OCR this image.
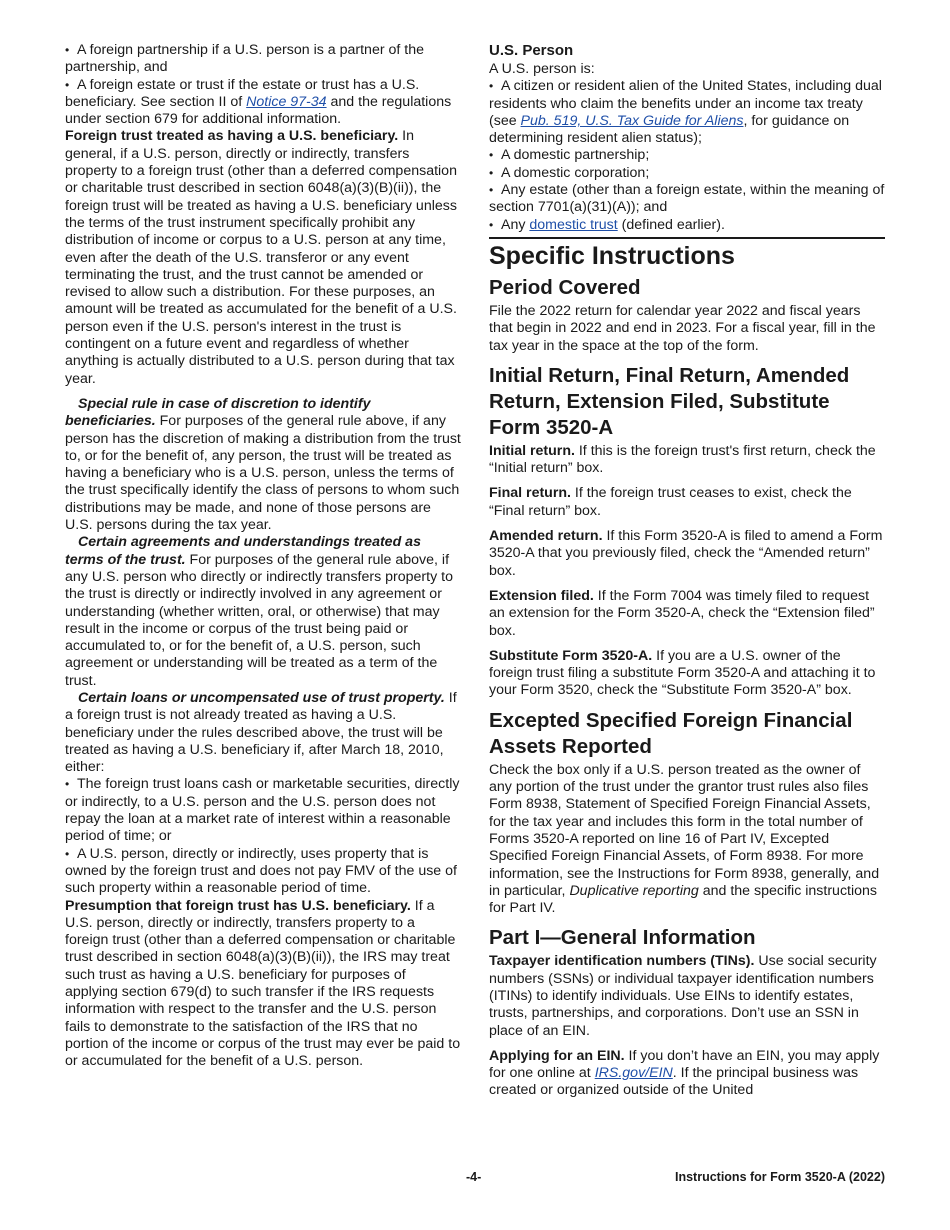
• A foreign partnership if a U.S. person is a partner of the partnership, and

• A foreign estate or trust if the estate or trust has a U.S. beneficiary. See section II of Notice 97-34 and the regulations under section 679 for additional information.

Foreign trust treated as having a U.S. beneficiary. In general, if a U.S. person, directly or indirectly, transfers property to a foreign trust (other than a deferred compensation or charitable trust described in section 6048(a)(3)(B)(ii)), the foreign trust will be treated as having a U.S. beneficiary unless the terms of the trust instrument specifically prohibit any distribution of income or corpus to a U.S. person at any time, even after the death of the U.S. transferor or any event terminating the trust, and the trust cannot be amended or revised to allow such a distribution. For these purposes, an amount will be treated as accumulated for the benefit of a U.S. person even if the U.S. person's interest in the trust is contingent on a future event and regardless of whether anything is actually distributed to a U.S. person during that tax year.

Special rule in case of discretion to identify beneficiaries. For purposes of the general rule above, if any person has the discretion of making a distribution from the trust to, or for the benefit of, any person, the trust will be treated as having a beneficiary who is a U.S. person, unless the terms of the trust specifically identify the class of persons to whom such distributions may be made, and none of those persons are U.S. persons during the tax year.

Certain agreements and understandings treated as terms of the trust. For purposes of the general rule above, if any U.S. person who directly or indirectly transfers property to the trust is directly or indirectly involved in any agreement or understanding (whether written, oral, or otherwise) that may result in the income or corpus of the trust being paid or accumulated to, or for the benefit of, a U.S. person, such agreement or understanding will be treated as a term of the trust.

Certain loans or uncompensated use of trust property. If a foreign trust is not already treated as having a U.S. beneficiary under the rules described above, the trust will be treated as having a U.S. beneficiary if, after March 18, 2010, either:

• The foreign trust loans cash or marketable securities, directly or indirectly, to a U.S. person and the U.S. person does not repay the loan at a market rate of interest within a reasonable period of time; or

• A U.S. person, directly or indirectly, uses property that is owned by the foreign trust and does not pay FMV of the use of such property within a reasonable period of time.

Presumption that foreign trust has U.S. beneficiary. If a U.S. person, directly or indirectly, transfers property to a foreign trust (other than a deferred compensation or charitable trust described in section 6048(a)(3)(B)(ii)), the IRS may treat such trust as having a U.S. beneficiary for purposes of applying section 679(d) to such transfer if the IRS requests information with respect to the transfer and the U.S. person fails to demonstrate to the satisfaction of the IRS that no portion of the income or corpus of the trust may ever be paid to or accumulated for the benefit of a U.S. person.

U.S. Person

A U.S. person is:

• A citizen or resident alien of the United States, including dual residents who claim the benefits under an income tax treaty (see Pub. 519, U.S. Tax Guide for Aliens, for guidance on determining resident alien status);

• A domestic partnership;

• A domestic corporation;

• Any estate (other than a foreign estate, within the meaning of section 7701(a)(31)(A)); and

• Any domestic trust (defined earlier).

Specific Instructions
Period Covered

File the 2022 return for calendar year 2022 and fiscal years that begin in 2022 and end in 2023. For a fiscal year, fill in the tax year in the space at the top of the form.

Initial Return, Final Return, Amended Return, Extension Filed, Substitute Form 3520-A

Initial return. If this is the foreign trust's first return, check the “Initial return” box.

Final return. If the foreign trust ceases to exist, check the “Final return” box.

Amended return. If this Form 3520-A is filed to amend a Form 3520-A that you previously filed, check the “Amended return” box.

Extension filed. If the Form 7004 was timely filed to request an extension for the Form 3520-A, check the “Extension filed” box.

Substitute Form 3520-A. If you are a U.S. owner of the foreign trust filing a substitute Form 3520-A and attaching it to your Form 3520, check the “Substitute Form 3520-A” box.

Excepted Specified Foreign Financial Assets Reported

Check the box only if a U.S. person treated as the owner of any portion of the trust under the grantor trust rules also files Form 8938, Statement of Specified Foreign Financial Assets, for the tax year and includes this form in the total number of Forms 3520-A reported on line 16 of Part IV, Excepted Specified Foreign Financial Assets, of Form 8938. For more information, see the Instructions for Form 8938, generally, and in particular, Duplicative reporting and the specific instructions for Part IV.

Part I—General Information

Taxpayer identification numbers (TINs). Use social security numbers (SSNs) or individual taxpayer identification numbers (ITINs) to identify individuals. Use EINs to identify estates, trusts, partnerships, and corporations. Don’t use an SSN in place of an EIN.

Applying for an EIN. If you don’t have an EIN, you may apply for one online at IRS.gov/EIN. If the principal business was created or organized outside of the United

-4-	Instructions for Form 3520-A (2022)
